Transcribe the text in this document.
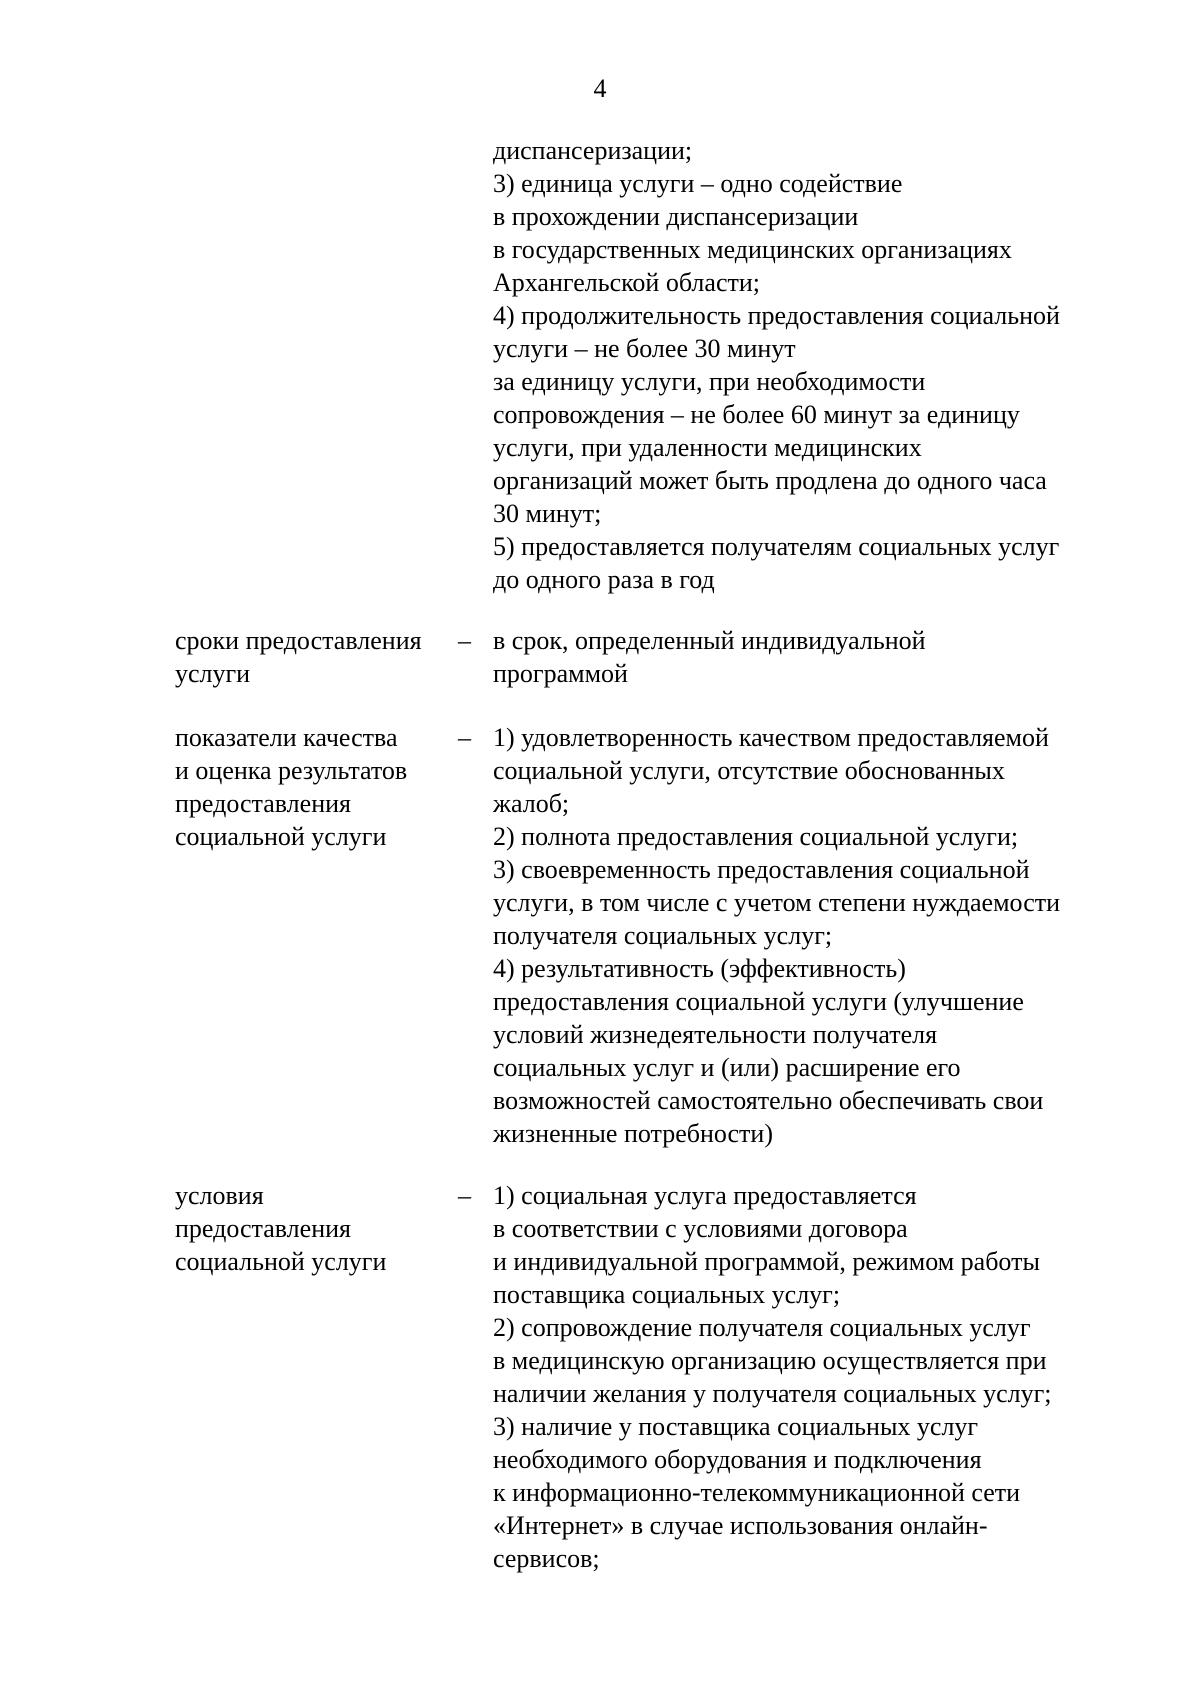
4
диспансеризации;
3) единица услуги – одно содействие
в прохождении диспансеризации
в государственных медицинских организациях
Архангельской области;
4) продолжительность предоставления социальной
услуги – не более 30 минут
за единицу услуги, при необходимости
сопровождения – не более 60 минут за единицу
услуги, при удаленности медицинских
организаций может быть продлена до одного часа
30 минут;
5) предоставляется получателям социальных услуг
до одного раза в год
сроки предоставления
услуги
– в срок, определенный индивидуальной
программой
показатели качества
и оценка результатов
предоставления
социальной услуги
– 1) удовлетворенность качеством предоставляемой
социальной услуги, отсутствие обоснованных
жалоб;
2) полнота предоставления социальной услуги;
3) своевременность предоставления социальной
услуги, в том числе с учетом степени нуждаемости
получателя социальных услуг;
4) результативность (эффективность)
предоставления социальной услуги (улучшение
условий жизнедеятельности получателя
социальных услуг и (или) расширение его
возможностей самостоятельно обеспечивать свои
жизненные потребности)
условия
предоставления
социальной услуги
– 1) социальная услуга предоставляется
в соответствии с условиями договора
и индивидуальной программой, режимом работы
поставщика социальных услуг;
2) сопровождение получателя социальных услуг
в медицинскую организацию осуществляется при
наличии желания у получателя социальных услуг;
3) наличие у поставщика социальных услуг
необходимого оборудования и подключения
к информационно-телекоммуникационной сети
«Интернет» в случае использования онлайн-
сервисов;
